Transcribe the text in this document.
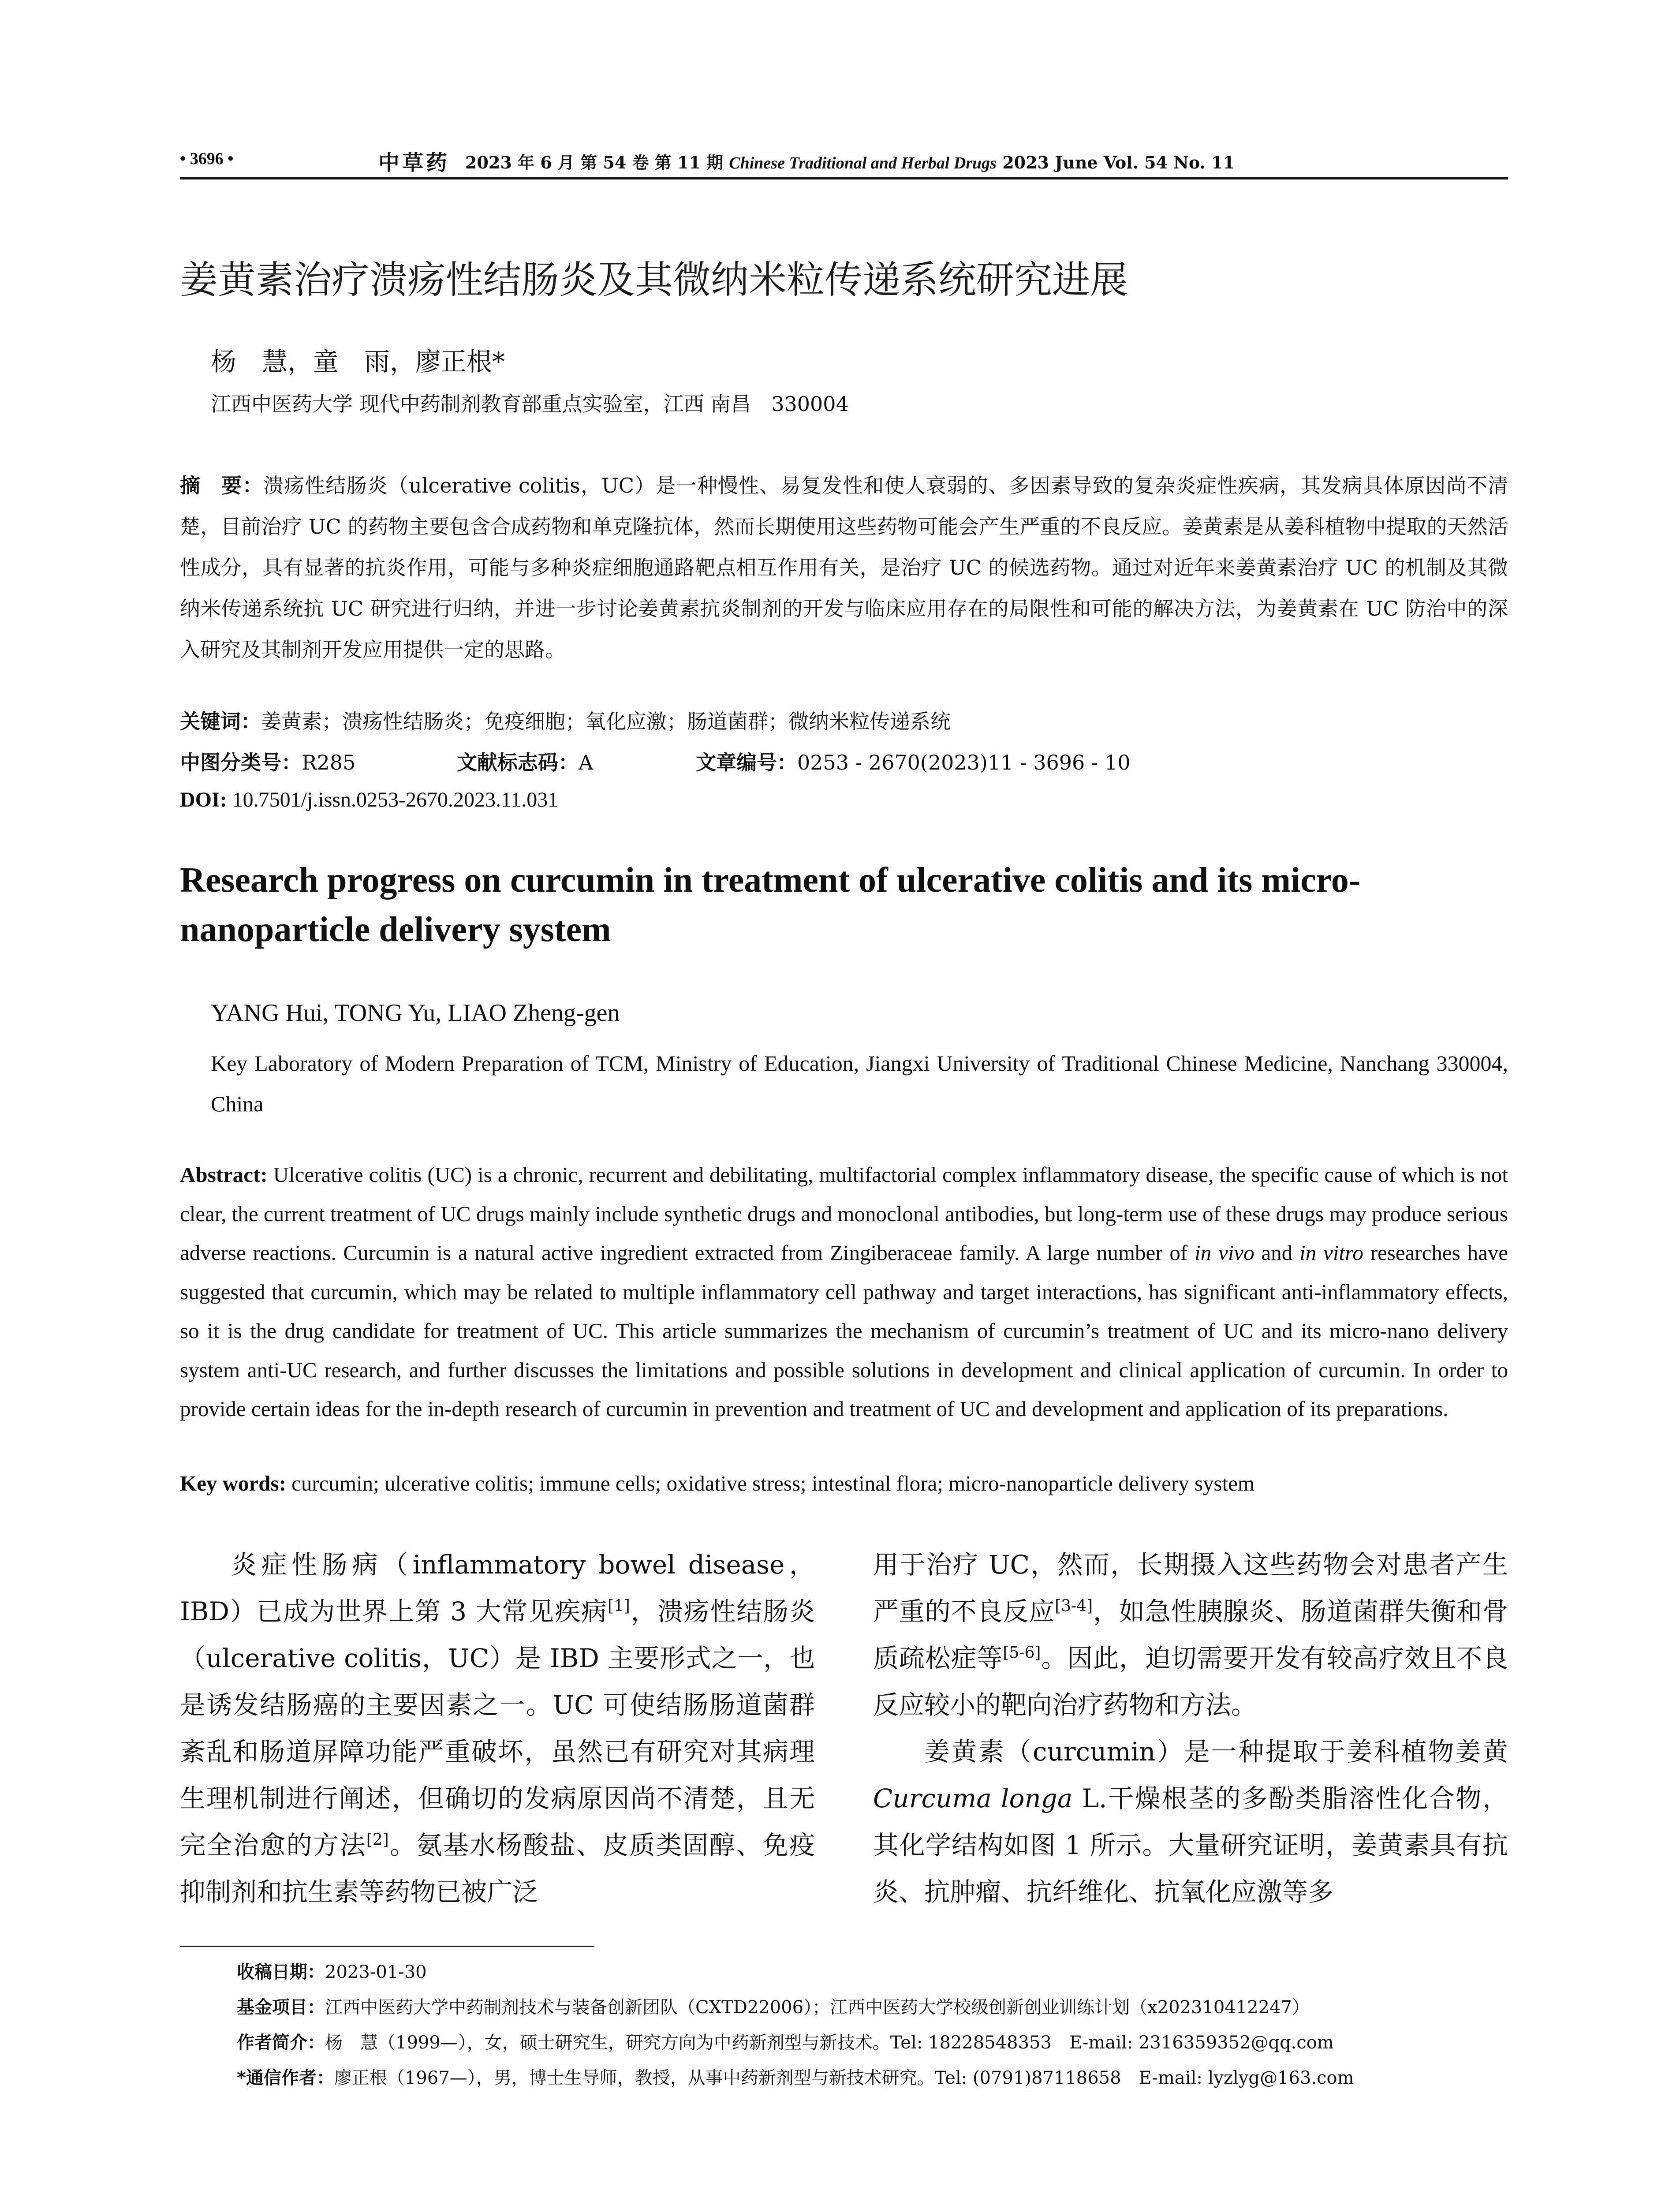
• 3696 •	中草药 2023 年 6 月 第 54 卷 第 11 期 Chinese Traditional and Herbal Drugs 2023 June Vol. 54 No. 11
姜黄素治疗溃疡性结肠炎及其微纳米粒传递系统研究进展
杨　慧，童　雨，廖正根*
江西中医药大学 现代中药制剂教育部重点实验室，江西 南昌　330004
摘　要：溃疡性结肠炎（ulcerative colitis，UC）是一种慢性、易复发性和使人衰弱的、多因素导致的复杂炎症性疾病，其发病具体原因尚不清楚，目前治疗 UC 的药物主要包含合成药物和单克隆抗体，然而长期使用这些药物可能会产生严重的不良反应。姜黄素是从姜科植物中提取的天然活性成分，具有显著的抗炎作用，可能与多种炎症细胞通路靶点相互作用有关，是治疗 UC 的候选药物。通过对近年来姜黄素治疗 UC 的机制及其微纳米传递系统抗 UC 研究进行归纳，并进一步讨论姜黄素抗炎制剂的开发与临床应用存在的局限性和可能的解决方法，为姜黄素在 UC 防治中的深入研究及其制剂开发应用提供一定的思路。
关键词：姜黄素；溃疡性结肠炎；免疫细胞；氧化应激；肠道菌群；微纳米粒传递系统
中图分类号：R285	文献标志码：A	文章编号：0253 - 2670(2023)11 - 3696 - 10
DOI: 10.7501/j.issn.0253-2670.2023.11.031
Research progress on curcumin in treatment of ulcerative colitis and its micro-nanoparticle delivery system
YANG Hui, TONG Yu, LIAO Zheng-gen
Key Laboratory of Modern Preparation of TCM, Ministry of Education, Jiangxi University of Traditional Chinese Medicine, Nanchang 330004, China
Abstract: Ulcerative colitis (UC) is a chronic, recurrent and debilitating, multifactorial complex inflammatory disease, the specific cause of which is not clear, the current treatment of UC drugs mainly include synthetic drugs and monoclonal antibodies, but long-term use of these drugs may produce serious adverse reactions. Curcumin is a natural active ingredient extracted from Zingiberaceae family. A large number of in vivo and in vitro researches have suggested that curcumin, which may be related to multiple inflammatory cell pathway and target interactions, has significant anti-inflammatory effects, so it is the drug candidate for treatment of UC. This article summarizes the mechanism of curcumin’s treatment of UC and its micro-nano delivery system anti-UC research, and further discusses the limitations and possible solutions in development and clinical application of curcumin. In order to provide certain ideas for the in-depth research of curcumin in prevention and treatment of UC and development and application of its preparations.
Key words: curcumin; ulcerative colitis; immune cells; oxidative stress; intestinal flora; micro-nanoparticle delivery system

炎症性肠病（inflammatory bowel disease，IBD）已成为世界上第 3 大常见疾病[1]，溃疡性结肠炎（ulcerative colitis，UC）是 IBD 主要形式之一，也是诱发结肠癌的主要因素之一。UC 可使结肠肠道菌群紊乱和肠道屏障功能严重破坏，虽然已有研究对其病理生理机制进行阐述，但确切的发病原因尚不清楚，且无完全治愈的方法[2]。氨基水杨酸盐、皮质类固醇、免疫抑制剂和抗生素等药物已被广泛

用于治疗 UC，然而，长期摄入这些药物会对患者产生严重的不良反应[3-4]，如急性胰腺炎、肠道菌群失衡和骨质疏松症等[5-6]。因此，迫切需要开发有较高疗效且不良反应较小的靶向治疗药物和方法。

姜黄素（curcumin）是一种提取于姜科植物姜黄 Curcuma longa L.干燥根茎的多酚类脂溶性化合物，其化学结构如图 1 所示。大量研究证明，姜黄素具有抗炎、抗肿瘤、抗纤维化、抗氧化应激等多

收稿日期：2023-01-30
基金项目：江西中医药大学中药制剂技术与装备创新团队（CXTD22006）；江西中医药大学校级创新创业训练计划（x202310412247）
作者简介：杨　慧（1999—），女，硕士研究生，研究方向为中药新剂型与新技术。Tel: 18228548353　E-mail: 2316359352@qq.com
*通信作者：廖正根（1967—），男，博士生导师，教授，从事中药新剂型与新技术研究。Tel: (0791)87118658　E-mail: lyzlyg@163.com
